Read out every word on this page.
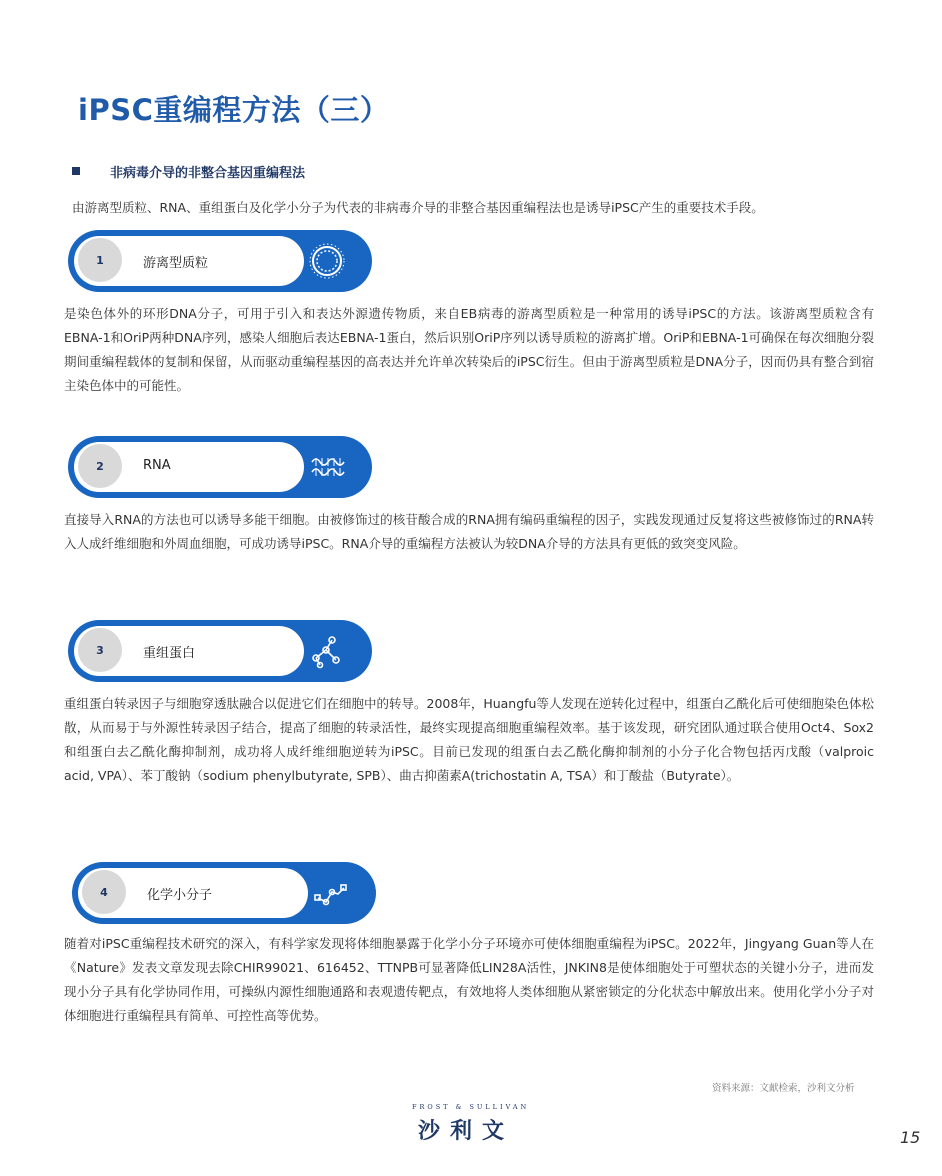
iPSC重编程方法（三）
非病毒介导的非整合基因重编程法
由游离型质粒、RNA、重组蛋白及化学小分子为代表的非病毒介导的非整合基因重编程法也是诱导iPSC产生的重要技术手段。
1	游离型质粒

是染色体外的环形DNA分子，可用于引入和表达外源遗传物质，来自EB病毒的游离型质粒是一种常用的诱导iPSC的方法。该游离型质粒含有EBNA-1和OriP两种DNA序列，感染人细胞后表达EBNA-1蛋白，然后识别OriP序列以诱导质粒的游离扩增。OriP和EBNA-1可确保在每次细胞分裂期间重编程载体的复制和保留，从而驱动重编程基因的高表达并允许单次转染后的iPSC衍生。但由于游离型质粒是DNA分子，因而仍具有整合到宿主染色体中的可能性。

2	RNA

直接导入RNA的方法也可以诱导多能干细胞。由被修饰过的核苷酸合成的RNA拥有编码重编程的因子，实践发现通过反复将这些被修饰过的RNA转入人成纤维细胞和外周血细胞，可成功诱导iPSC。RNA介导的重编程方法被认为较DNA介导的方法具有更低的致突变风险。

3	重组蛋白

重组蛋白转录因子与细胞穿透肽融合以促进它们在细胞中的转导。2008年，Huangfu等人发现在逆转化过程中，组蛋白乙酰化后可使细胞染色体松散，从而易于与外源性转录因子结合，提高了细胞的转录活性，最终实现提高细胞重编程效率。基于该发现，研究团队通过联合使用Oct4、Sox2和组蛋白去乙酰化酶抑制剂，成功将人成纤维细胞逆转为iPSC。目前已发现的组蛋白去乙酰化酶抑制剂的小分子化合物包括丙戊酸（valproic acid, VPA）、苯丁酸钠（sodium phenylbutyrate, SPB）、曲古抑菌素A(trichostatin A, TSA）和丁酸盐（Butyrate）。

4	化学小分子

随着对iPSC重编程技术研究的深入，有科学家发现将体细胞暴露于化学小分子环境亦可使体细胞重编程为iPSC。2022年，Jingyang Guan等人在《Nature》发表文章发现去除CHIR99021、616452、TTNPB可显著降低LIN28A活性，JNKIN8是使体细胞处于可塑状态的关键小分子，进而发现小分子具有化学协同作用，可操纵内源性细胞通路和表观遗传靶点，有效地将人类体细胞从紧密锁定的分化状态中解放出来。使用化学小分子对体细胞进行重编程具有简单、可控性高等优势。

资料来源：文献检索，沙利文分析
FROST & SULLIVAN
沙利文	15
